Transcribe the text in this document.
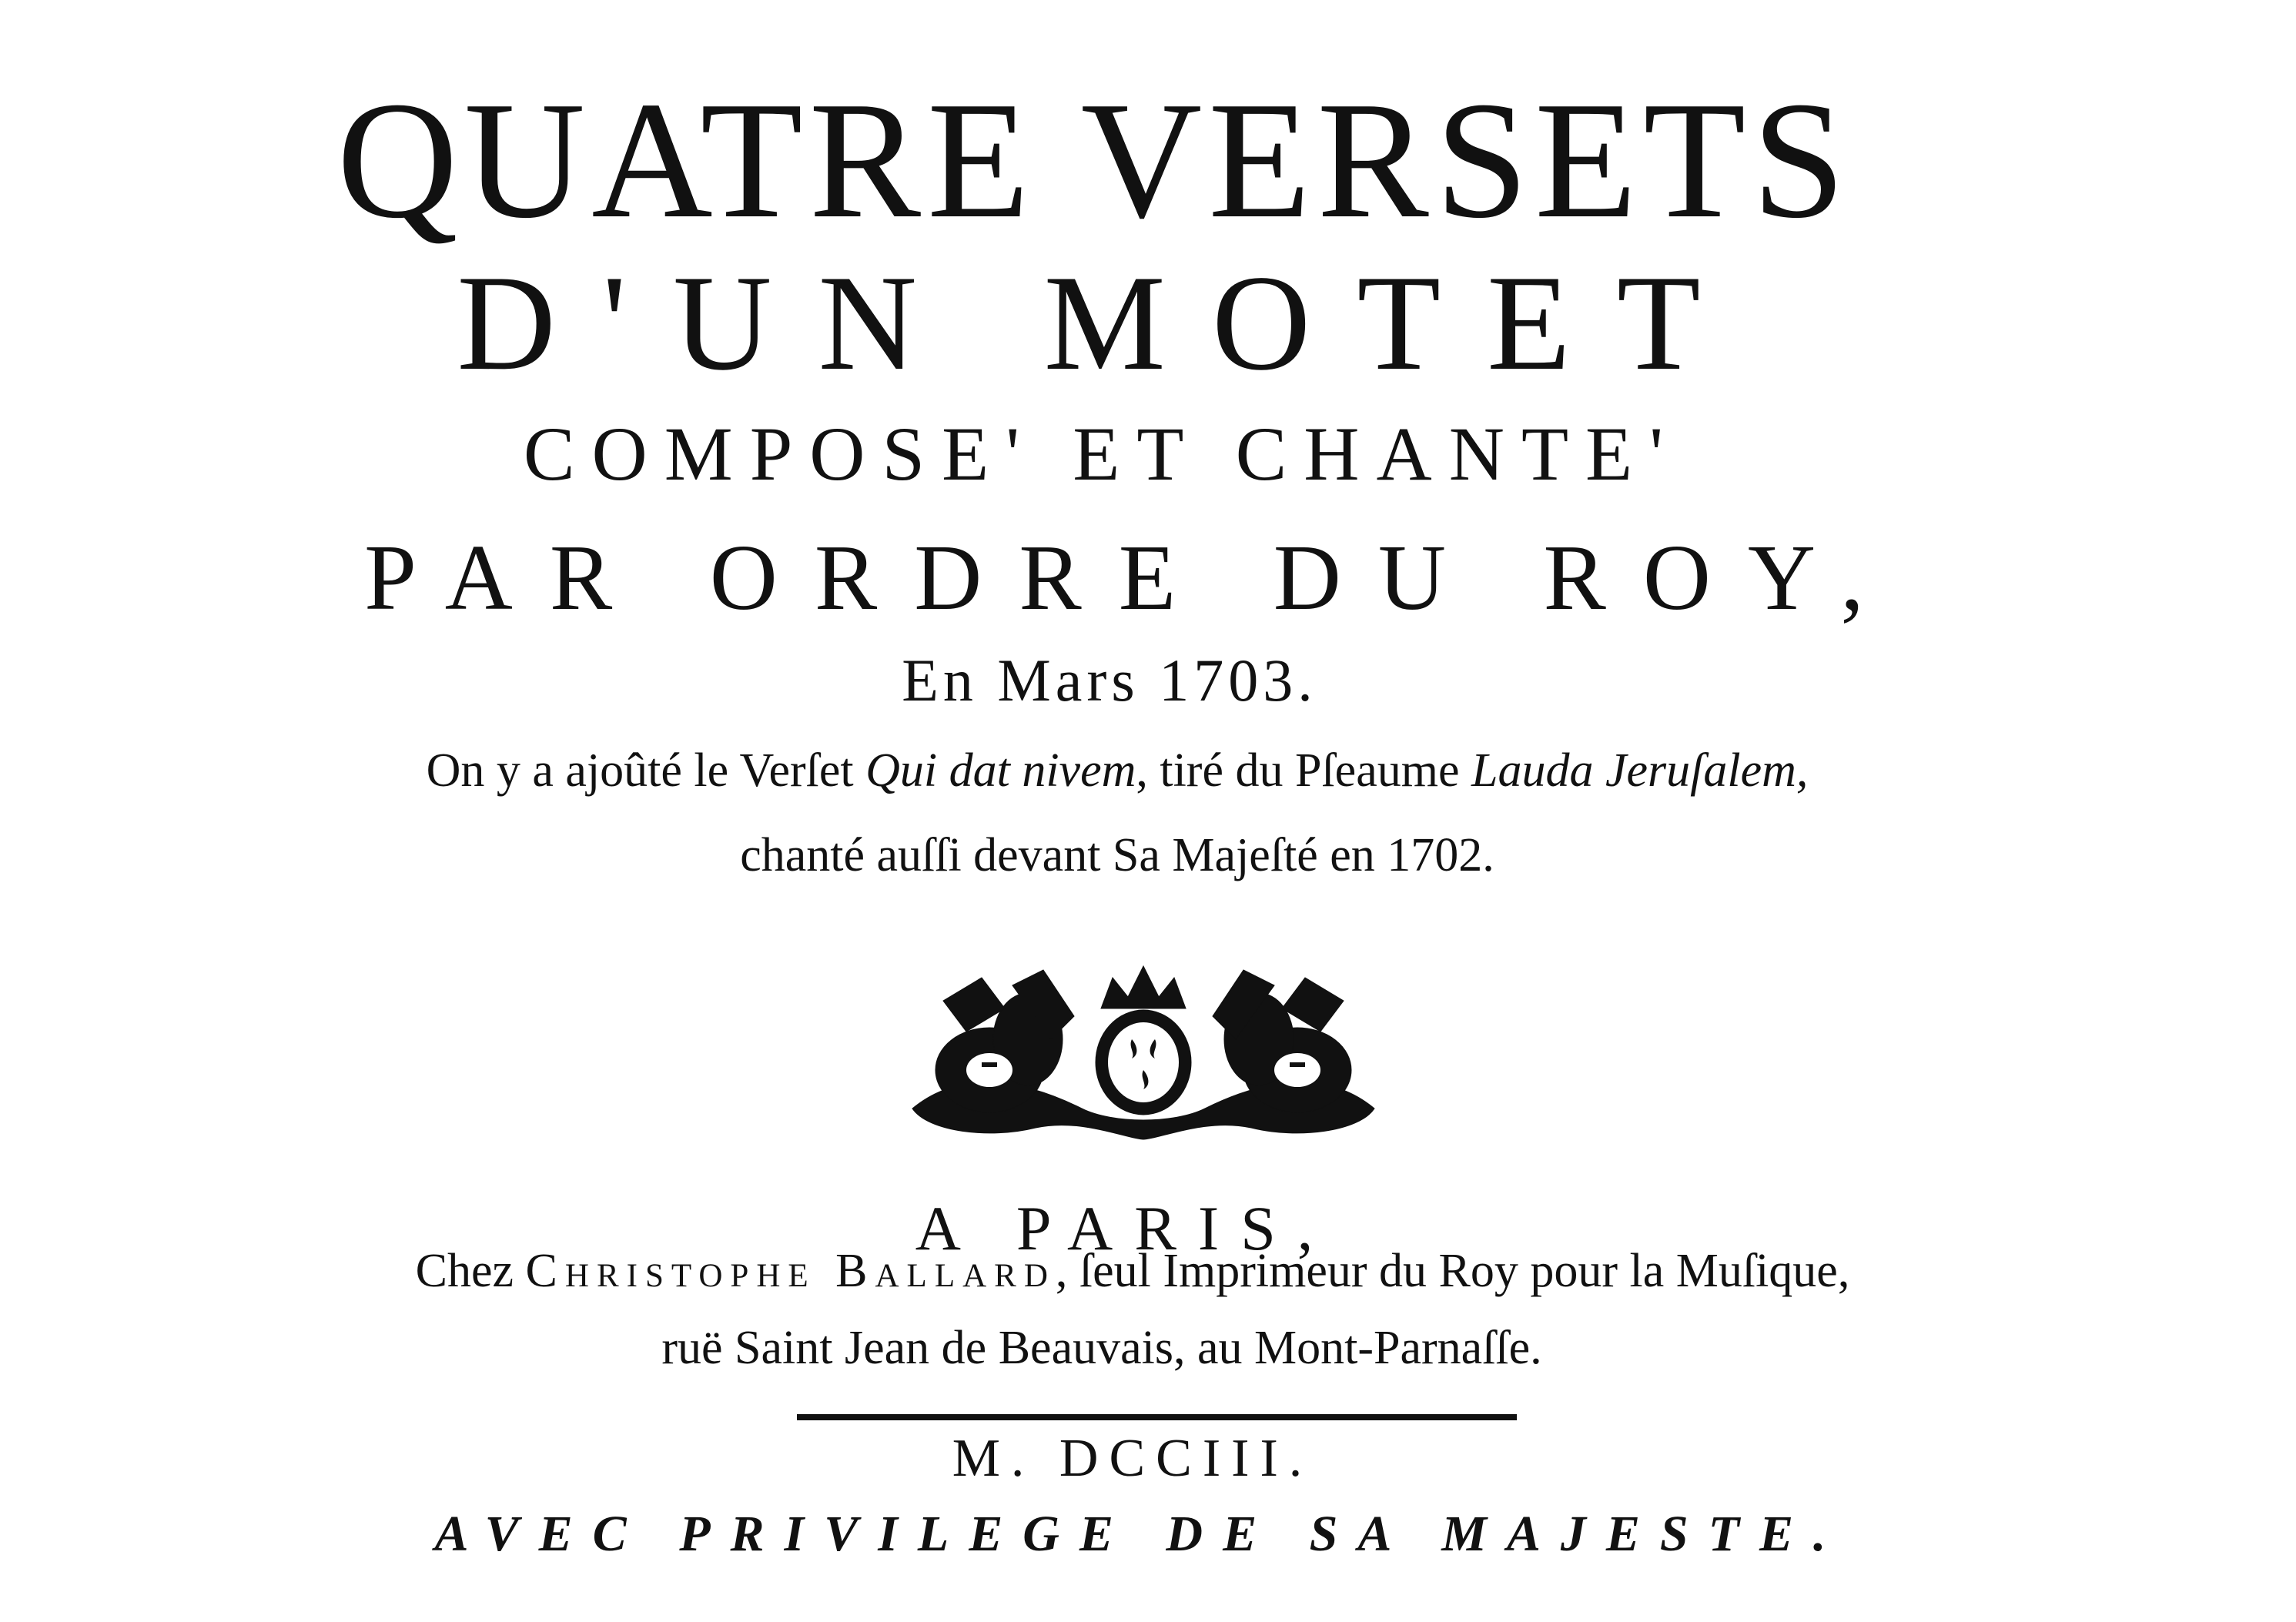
QUATRE VERSETS
D'UN MOTET
COMPOSE' ET CHANTE'
PAR ORDRE DU ROY,
En Mars 1703.
On y a ajoûté le Verſet Qui dat nivem, tiré du Pſeaume Lauda Jeruſalem,
chanté auſſi devant Sa Majeſté en 1702.
A PARIS,
Chez Christophe Ballard, ſeul Imprimeur du Roy pour la Muſique,
ruë Saint Jean de Beauvais, au Mont-Parnaſſe.
M. DCCIII.
AVEC PRIVILEGE DE SA MAJESTE.
